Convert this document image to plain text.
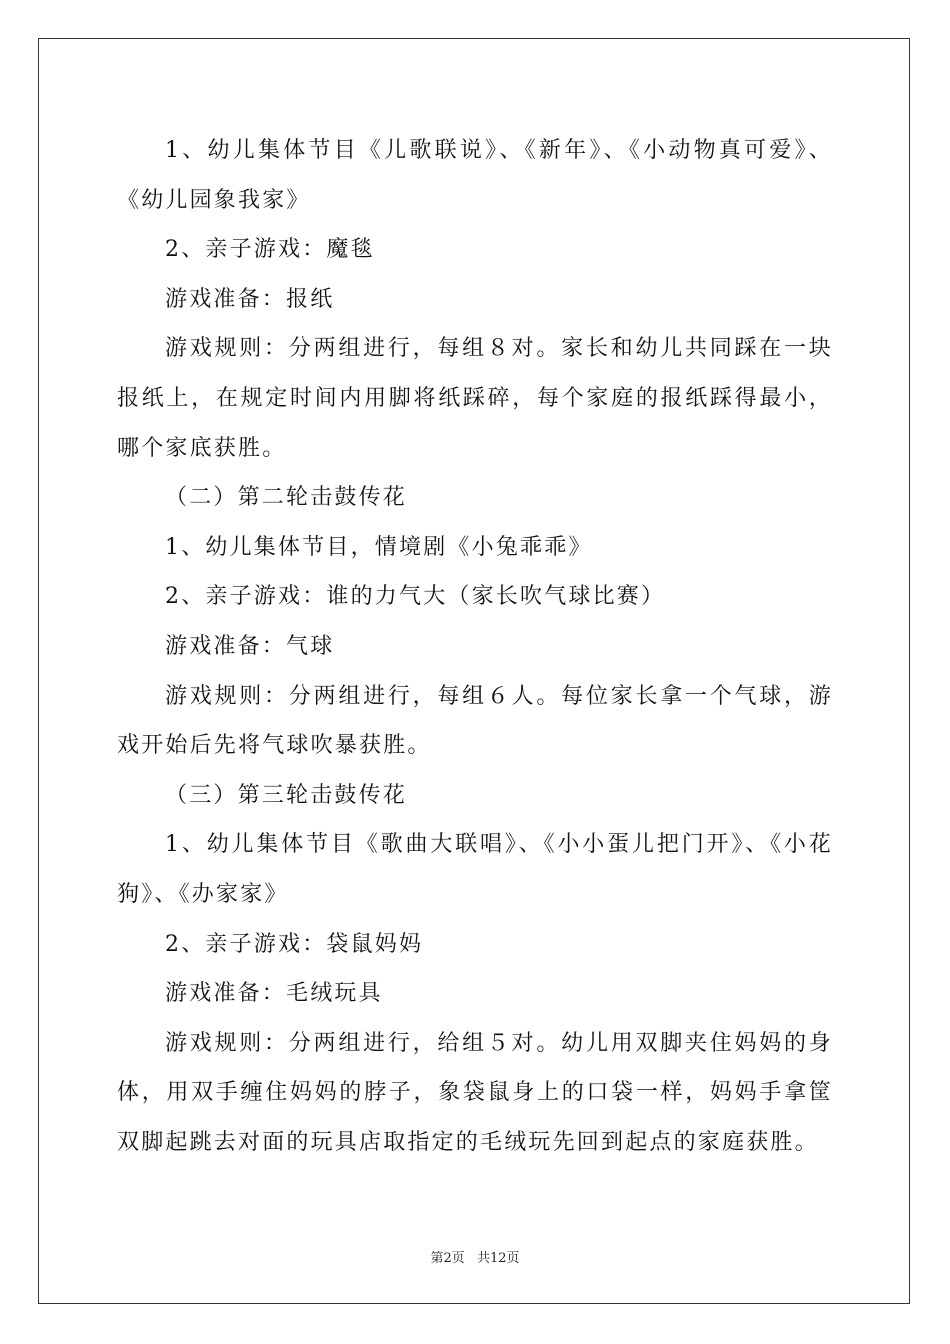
1、幼儿集体节目《儿歌联说》、《新年》、《小动物真可爱》、《幼儿园象我家》

2、亲子游戏：魔毯

游戏准备：报纸

游戏规则：分两组进行，每组８对。家长和幼儿共同踩在一块报纸上，在规定时间内用脚将纸踩碎，每个家庭的报纸踩得最小，哪个家底获胜。

（二）第二轮击鼓传花

1、幼儿集体节目，情境剧《小兔乖乖》

2、亲子游戏：谁的力气大（家长吹气球比赛）

游戏准备：气球

游戏规则：分两组进行，每组６人。每位家长拿一个气球，游戏开始后先将气球吹暴获胜。

（三）第三轮击鼓传花

1、幼儿集体节目《歌曲大联唱》、《小小蛋儿把门开》、《小花狗》、《办家家》

2、亲子游戏：袋鼠妈妈

游戏准备：毛绒玩具

游戏规则：分两组进行，给组５对。幼儿用双脚夹住妈妈的身体，用双手缠住妈妈的脖子，象袋鼠身上的口袋一样，妈妈手拿筐双脚起跳去对面的玩具店取指定的毛绒玩先回到起点的家庭获胜。

第2页 共12页
